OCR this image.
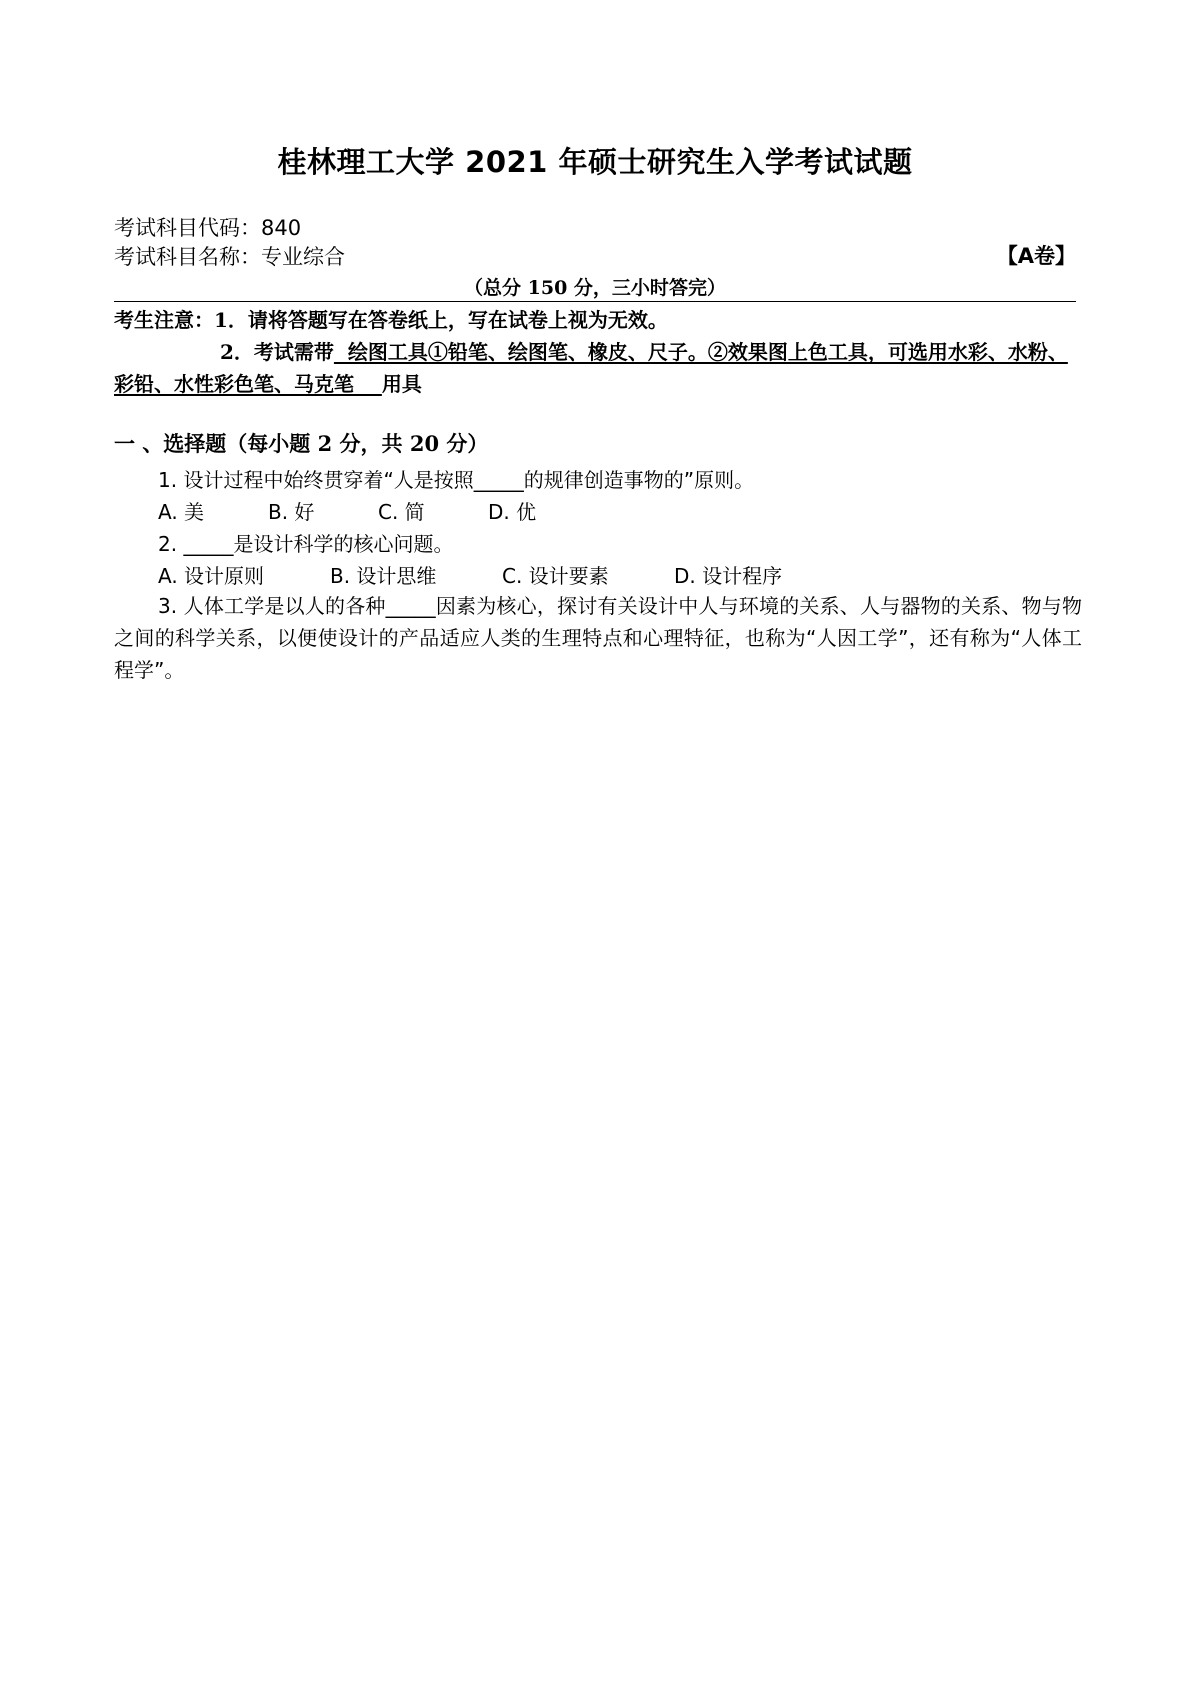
桂林理工大学 2021 年硕士研究生入学考试试题
考试科目代码：840
考试科目名称：专业综合	【A卷】
（总分 150 分，三小时答完）
考生注意：1．请将答题写在答卷纸上，写在试卷上视为无效。
2．考试需带  绘图工具①铅笔、绘图笔、橡皮、尺子。②效果图上色工具，可选用水彩、水粉、彩铅、水性彩色笔、马克笔    用具
一 、选择题（每小题 2 分，共 20 分）
1. 设计过程中始终贯穿着“人是按照_____的规律创造事物的”原则。
A. 美	B. 好	C. 简	D. 优
2. _____是设计科学的核心问题。
A. 设计原则	B. 设计思维	C. 设计要素	D. 设计程序
3. 人体工学是以人的各种_____因素为核心，探讨有关设计中人与环境的关系、人与器物的关系、物与物之间的科学关系，以便使设计的产品适应人类的生理特点和心理特征，也称为“人因工学”，还有称为“人体工程学”。
